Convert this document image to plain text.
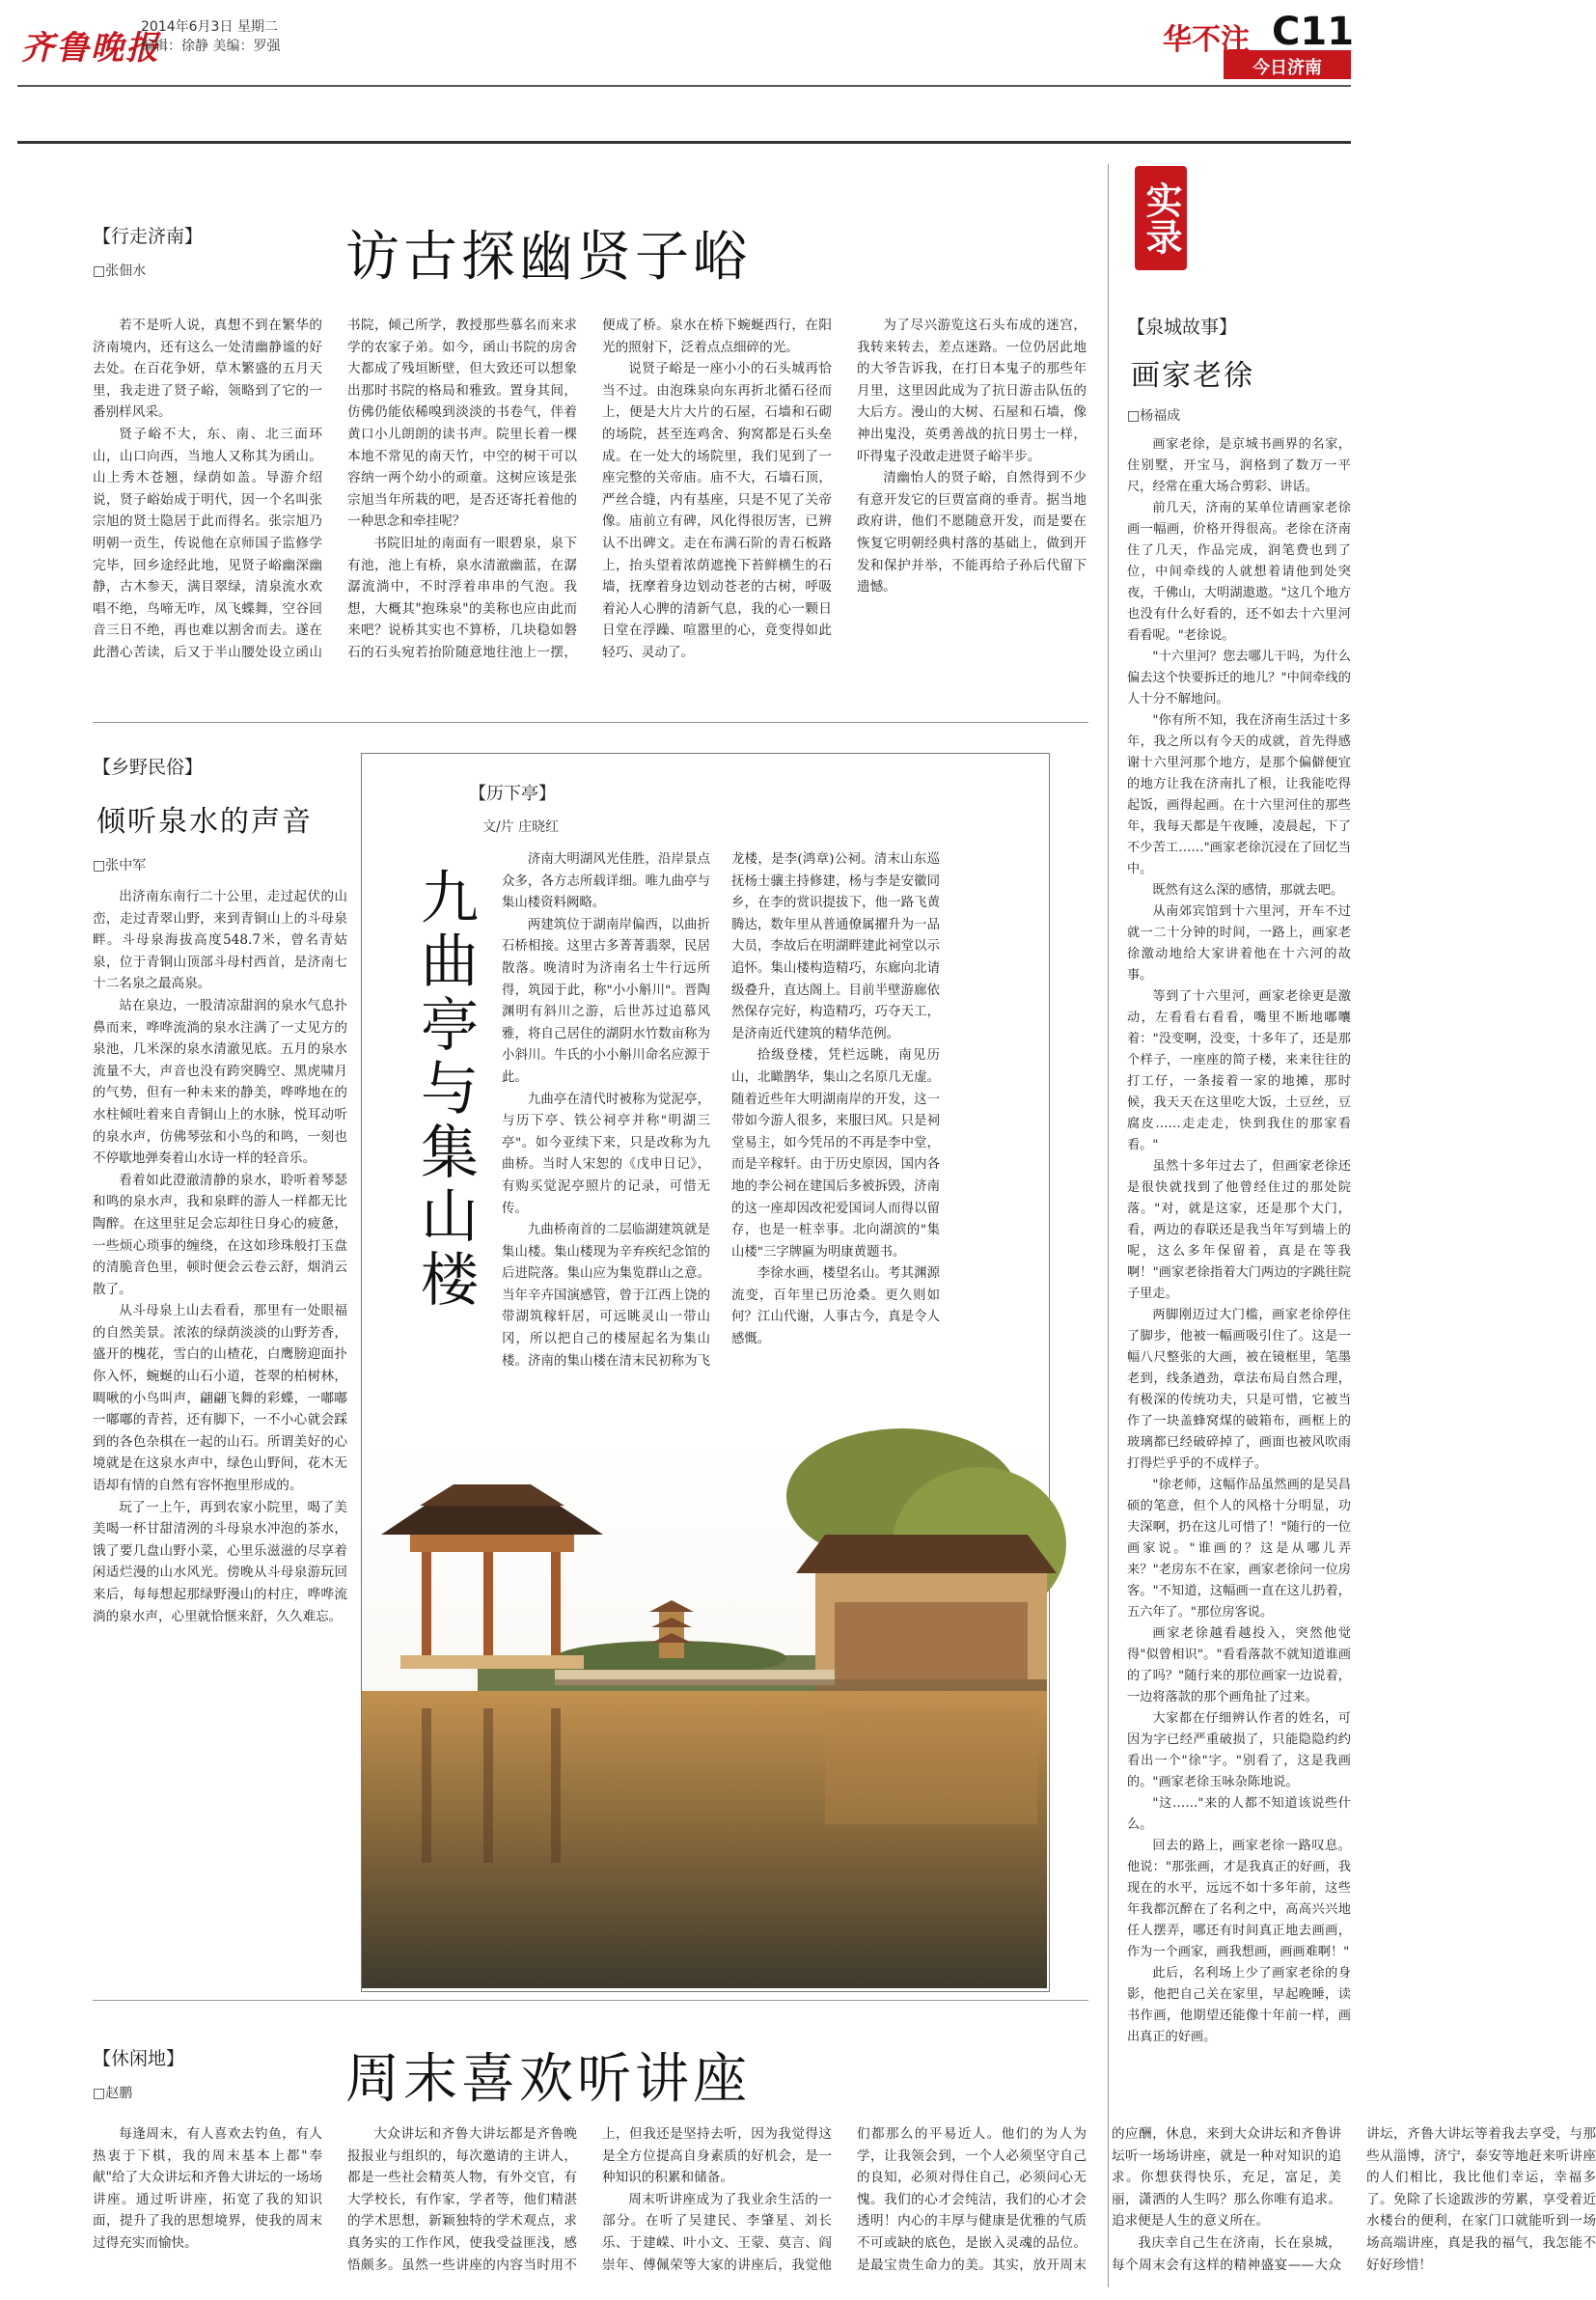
齐鲁晚报
2014年6月3日 星期二
编辑：徐静 美编：罗强	华不注 C11
今日济南
【行走济南】
□张佃水	访古探幽贤子峪

若不是听人说，真想不到在繁华的济南境内，还有这么一处清幽静谧的好去处。在百花争妍，草木繁盛的五月天里，我走进了贤子峪，领略到了它的一番别样风采。

贤子峪不大，东、南、北三面环山，山口向西，当地人又称其为函山。山上秀木苍翘，绿荫如盖。导游介绍说，贤子峪始成于明代，因一个名叫张宗旭的贤士隐居于此而得名。张宗旭乃明朝一贡生，传说他在京师国子监修学完毕，回乡途经此地，见贤子峪幽深幽静，古木参天，满目翠绿，清泉流水欢唱不绝，鸟啼无咋，凤飞蝶舞，空谷回音三日不绝，再也难以割舍而去。遂在此潜心苦读，后又于半山腰处设立函山书院，倾己所学，教授那些慕名而来求学的农家子弟。如今，函山书院的房舍大都成了残垣断壁，但大致还可以想象出那时书院的格局和雅致。置身其间，仿佛仍能依稀嗅到淡淡的书卷气，伴着黄口小儿朗朗的读书声。院里长着一棵本地不常见的南天竹，中空的树干可以容纳一两个幼小的顽童。这树应该是张宗旭当年所栽的吧，是否还寄托着他的一种思念和牵挂呢？

书院旧址的南面有一眼碧泉，泉下有池，池上有桥，泉水清澈幽蓝，在潺潺流淌中，不时浮着串串的气泡。我想，大概其"抱珠泉"的美称也应由此而来吧？说桥其实也不算桥，几块稳如磐石的石头宛若抬阶随意地往池上一摆，便成了桥。泉水在桥下蜿蜒西行，在阳光的照射下，泛着点点细碎的光。

说贤子峪是一座小小的石头城再恰当不过。由泡珠泉向东再折北循石径而上，便是大片大片的石屋，石墙和石砌的场院，甚至连鸡舍、狗窝都是石头垒成。在一处大的场院里，我们见到了一座完整的关帝庙。庙不大，石墙石顶，严丝合缝，内有基座，只是不见了关帝像。庙前立有碑，风化得很厉害，已辨认不出碑文。走在布满石阶的青石板路上，抬头望着浓荫遮挽下苔鲜横生的石墙，抚摩着身边划动苍老的古树，呼吸着沁人心脾的清新气息，我的心一颗日日堂在浮躁、喧嚣里的心，竟变得如此轻巧、灵动了。

为了尽兴游览这石头布成的迷宫，我转来转去，差点迷路。一位仍居此地的大爷告诉我，在打日本鬼子的那些年月里，这里因此成为了抗日游击队伍的大后方。漫山的大树、石屋和石墙，像神出鬼没，英勇善战的抗日男士一样，吓得鬼子没敢走进贤子峪半步。

清幽怡人的贤子峪，自然得到不少有意开发它的巨贾富商的垂青。据当地政府讲，他们不愿随意开发，而是要在恢复它明朝经典村落的基础上，做到开发和保护并举，不能再给子孙后代留下遗憾。

【乡野民俗】
倾听泉水的声音
□张中军

出济南东南行二十公里，走过起伏的山峦，走过青翠山野，来到青铜山上的斗母泉畔。斗母泉海拔高度548.7米，曾名青姑泉，位于青铜山顶部斗母村西首，是济南七十二名泉之最高泉。

站在泉边，一股清凉甜润的泉水气息扑鼻而来，哗哗流淌的泉水注满了一丈见方的泉池，几米深的泉水清澈见底。五月的泉水流量不大，声音也没有跨突腾空、黑虎啸月的气势，但有一种未来的静美，哗哗地在的水柱倾吐着来自青铜山上的水脉，悦耳动听的泉水声，仿佛琴弦和小鸟的和鸣，一刻也不停歇地弹奏着山水诗一样的轻音乐。

看着如此澄澈清静的泉水，聆听着琴瑟和鸣的泉水声，我和泉畔的游人一样都无比陶醉。在这里驻足会忘却往日身心的疲惫，一些烦心琐事的缠绕，在这如珍珠般打玉盘的清脆音色里，顿时便会云卷云舒，烟消云散了。

从斗母泉上山去看看，那里有一处眼福的自然美景。浓浓的绿荫淡淡的山野芳香，盛开的槐花，雪白的山楂花，白鹰膀迎面扑你入怀，蜿蜒的山石小道，苍翠的柏树林，啁啾的小鸟叫声，翩翩飞舞的彩蝶，一嘟嘟一嘟嘟的青苔，还有脚下，一不小心就会踩到的各色杂棋在一起的山石。所谓美好的心境就是在这泉水声中，绿色山野间，花木无语却有情的自然有容怀抱里形成的。

玩了一上午，再到农家小院里，喝了美美喝一杯甘甜清洌的斗母泉水冲泡的茶水，饿了要几盘山野小菜，心里乐滋滋的尽享着闲适烂漫的山水风光。傍晚从斗母泉游玩回来后，每每想起那绿野漫山的村庄，哗哗流淌的泉水声，心里就恰惬来舒，久久难忘。

【历下亭】
文/片 庄晓红
九曲亭与集山楼

济南大明湖风光佳胜，沿岸景点众多，各方志所载详细。唯九曲亭与集山楼资料阙略。

两建筑位于湖南岸偏西，以曲折石桥相接。这里古多菁菁翡翠，民居散落。晚清时为济南名士牛行远所得，筑园于此，称"小小斛川"。晋陶渊明有斜川之游，后世苏过追慕风雅，将自己居住的湖阴水竹数亩称为小斜川。牛氏的小小斛川命名应源于此。

九曲亭在清代时被称为觉泥亭，与历下亭、铁公祠亭并称"明湖三亭"。如今亚续下来，只是改称为九曲桥。当时人宋恕的《戊申日记》，有购买觉泥亭照片的记录，可惜无传。

九曲桥南首的二层临湖建筑就是集山楼。集山楼现为辛弃疾纪念馆的后进院落。集山应为集览群山之意。当年辛卉国演感管，曾于江西上饶的带湖筑稼轩居，可远眺灵山一带山冈，所以把自己的楼屋起名为集山楼。济南的集山楼在清末民初称为飞龙楼，是李(鸿章)公祠。清末山东巡抚杨士骧主持修建，杨与李是安徽同乡，在李的赏识提拔下，他一路飞黄腾达，数年里从普通僚属擢升为一品大员，李故后在明湖畔建此祠堂以示追怀。集山楼构造精巧，东廊向北请级叠升，直达阁上。目前半壁游廊依然保存完好，构造精巧，巧夺天工，是济南近代建筑的精华范例。

拾级登楼，凭栏远眺，南见历山，北瞰鹊华，集山之名原几无虚。随着近些年大明湖南岸的开发，这一带如今游人很多，来服曰风。只是祠堂易主，如今凭吊的不再是李中堂，而是辛稼轩。由于历史原因，国内各地的李公祠在建国后多被拆毁，济南的这一座却因改祀爱国词人而得以留存，也是一桩幸事。北向湖滨的"集山楼"三字牌匾为明康黄题书。

李徐水画，楼望名山。考其渊源流变，百年里已历沧桑。更久则如何？江山代谢，人事古今，真是令人感慨。

实录
【泉城故事】
画家老徐
□杨福成

画家老徐，是京城书画界的名家，住别墅，开宝马，润格到了数万一平尺，经常在重大场合剪彩、讲话。

前几天，济南的某单位请画家老徐画一幅画，价格开得很高。老徐在济南住了几天，作品完成，润笔费也到了位，中间牵线的人就想着请他到处突夜，千佛山，大明湖遨遨。"这几个地方也没有什么好看的，还不如去十六里河看看呢。"老徐说。

"十六里河？您去哪儿干吗，为什么偏去这个快要拆迁的地儿？"中间牵线的人十分不解地问。

"你有所不知，我在济南生活过十多年，我之所以有今天的成就，首先得感谢十六里河那个地方，是那个偏僻便宜的地方让我在济南扎了根，让我能吃得起饭，画得起画。在十六里河住的那些年，我每天都是午夜睡，凌晨起，下了不少苦工……"画家老徐沉浸在了回忆当中。

既然有这么深的感情，那就去吧。

从南郊宾馆到十六里河，开车不过就一二十分钟的时间，一路上，画家老徐激动地给大家讲着他在十六河的故事。

等到了十六里河，画家老徐更是激动，左看看右看看，嘴里不断地嘟囔着："没变啊，没变，十多年了，还是那个样子，一座座的简子楼，来来往往的打工仔，一条接着一家的地摊，那时候，我天天在这里吃大饭，土豆丝，豆腐皮……走走走，快到我住的那家看看。"

虽然十多年过去了，但画家老徐还是很快就找到了他曾经住过的那处院落。"对，就是这家，还是那个大门，看，两边的春联还是我当年写到墙上的呢，这么多年保留着，真是在等我啊！"画家老徐指着大门两边的字跳往院子里走。

两脚刚迈过大门槛，画家老徐停住了脚步，他被一幅画吸引住了。这是一幅八尺整张的大画，被在镜框里，笔墨老到，线条遒劲，章法布局自然合理，有极深的传统功夫，只是可惜，它被当作了一块盖蜂窝煤的破箱布，画框上的玻璃都已经破碎掉了，画面也被风吹雨打得烂乎乎的不成样子。

"徐老师，这幅作品虽然画的是吴昌硕的笔意，但个人的风格十分明显，功夫深啊，扔在这儿可惜了！"随行的一位画家说。"谁画的？这是从哪儿弄来？"老房东不在家，画家老徐问一位房客。"不知道，这幅画一直在这儿扔着，五六年了。"那位房客说。

画家老徐越看越投入，突然他觉得"似曾相识"。"看看落款不就知道谁画的了吗？"随行来的那位画家一边说着，一边将落款的那个画角扯了过来。

大家都在仔细辨认作者的姓名，可因为字已经严重破损了，只能隐隐约约看出一个"徐"字。"别看了，这是我画的。"画家老徐玉咏杂陈地说。

"这……"来的人都不知道该说些什么。

回去的路上，画家老徐一路叹息。他说："那张画，才是我真正的好画，我现在的水平，远远不如十多年前，这些年我都沉醉在了名利之中，高高兴兴地任人摆弄，哪还有时间真正地去画画，作为一个画家，画我想画，画画难啊！"

此后，名利场上少了画家老徐的身影，他把自己关在家里，早起晚睡，读书作画，他期望还能像十年前一样，画出真正的好画。

【休闲地】
□赵鹏	周末喜欢听讲座

每逢周末，有人喜欢去钓鱼，有人热衷于下棋，我的周末基本上都"奉献"给了大众讲坛和齐鲁大讲坛的一场场讲座。通过听讲座，拓宽了我的知识面，提升了我的思想境界，使我的周末过得充实而愉快。

大众讲坛和齐鲁大讲坛都是齐鲁晚报报业与组织的，每次邀请的主讲人，都是一些社会精英人物，有外交官，有大学校长，有作家，学者等，他们精湛的学术思想，新颖独特的学术观点，求真务实的工作作风，使我受益匪浅，感悟颇多。虽然一些讲座的内容当时用不上，但我还是坚持去听，因为我觉得这是全方位提高自身素质的好机会，是一种知识的积累和储备。

周末听讲座成为了我业余生活的一部分。在听了吴建民、李肇星、刘长乐、于建嵘、叶小文、王蒙、莫言、阎崇年、傅佩荣等大家的讲座后，我觉他们都那么的平易近人。他们的为人为学，让我领会到，一个人必须坚守自己的良知，必须对得住自己，必须问心无愧。我们的心才会纯洁，我们的心才会透明！内心的丰厚与健康是优雅的气质不可或缺的底色，是嵌入灵魂的品位。是最宝贵生命力的美。其实，放开周末的应酬，休息，来到大众讲坛和齐鲁讲坛听一场场讲座，就是一种对知识的追求。你想获得快乐，充足，富足，美丽，潇洒的人生吗？那么你唯有追求。追求便是人生的意义所在。

我庆幸自己生在济南，长在泉城，每个周末会有这样的精神盛宴——大众讲坛，齐鲁大讲坛等着我去享受，与那些从淄博，济宁，泰安等地赶来听讲座的人们相比，我比他们幸运，幸福多了。免除了长途跋涉的劳累，享受着近水楼台的便利，在家门口就能听到一场场高端讲座，真是我的福气，我怎能不好好珍惜！
